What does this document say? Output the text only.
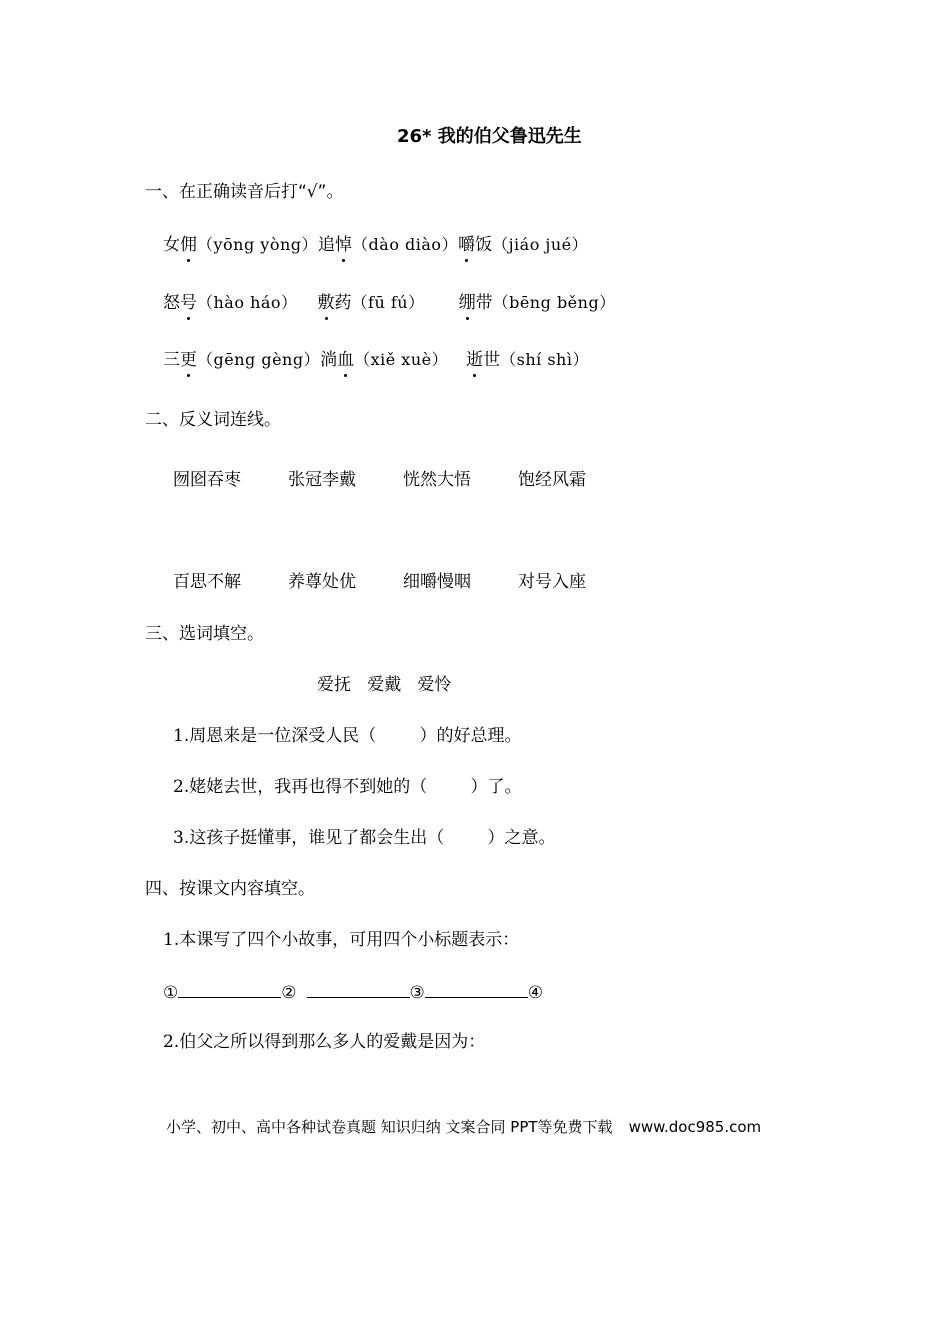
26* 我的伯父鲁迅先生
一、在正确读音后打“√”。
女佣（yōng yòng）追悼（dào diào）嚼饭（jiáo jué）
怒号（hào háo） 敷药（fū fú） 绷带（bēng běng）
三更（gēng gèng）淌血（xiě xuè） 逝世（shí shì）
二、反义词连线。
囫囵吞枣	张冠李戴	恍然大悟	饱经风霜
百思不解	养尊处优	细嚼慢咽	对号入座
三、选词填空。
爱抚   爱戴   爱怜
1.周恩来是一位深受人民（        ）的好总理。
2.姥姥去世，我再也得不到她的（        ）了。
3.这孩子挺懂事，谁见了都会生出（        ）之意。
四、按课文内容填空。
1.本课写了四个小故事，可用四个小标题表示：
①	②	③	④
2.伯父之所以得到那么多人的爱戴是因为：
小学、初中、高中各种试卷真题 知识归纳 文案合同 PPT等免费下载 www.doc985.com
